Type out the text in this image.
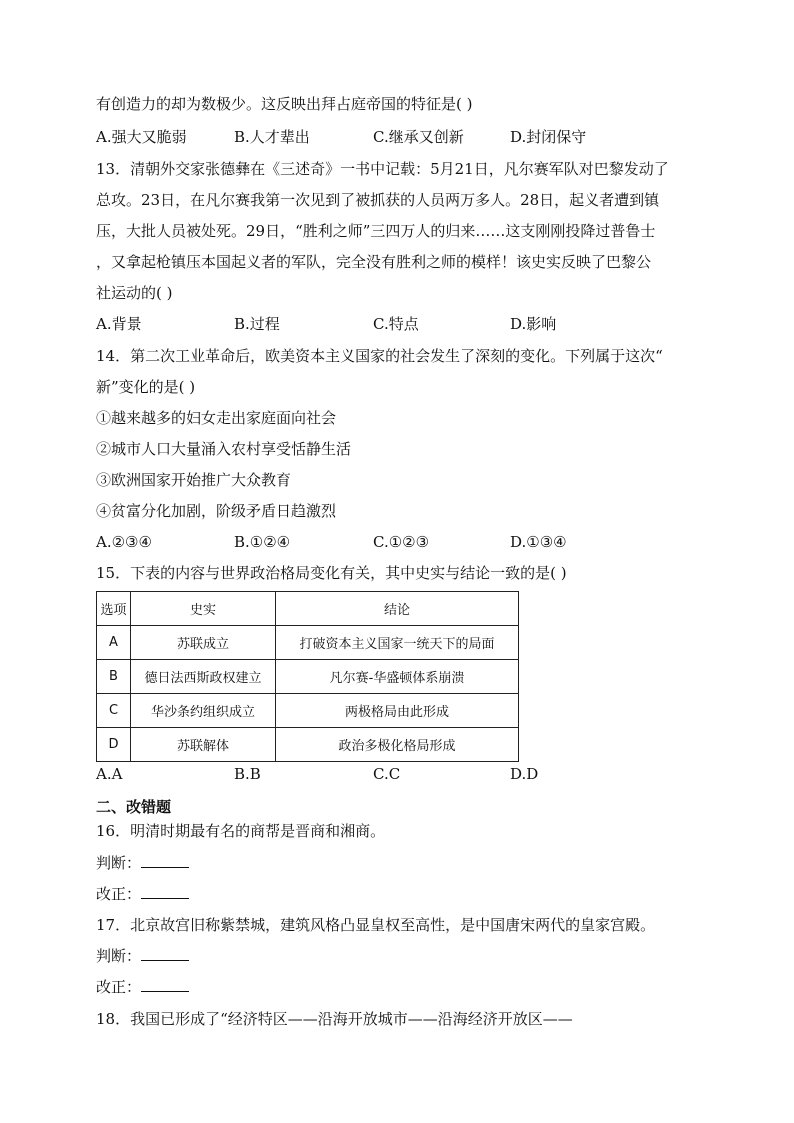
有创造力的却为数极少。这反映出拜占庭帝国的特征是( )
A.强大又脆弱	B.人才辈出	C.继承又创新	D.封闭保守
13．清朝外交家张德彝在《三述奇》一书中记载：5月21日，凡尔赛军队对巴黎发动了
总攻。23日，在凡尔赛我第一次见到了被抓获的人员两万多人。28日，起义者遭到镇
压，大批人员被处死。29日，“胜利之师”三四万人的归来……这支刚刚投降过普鲁士
，又拿起枪镇压本国起义者的军队，完全没有胜利之师的模样！该史实反映了巴黎公
社运动的( )
A.背景	B.过程	C.特点	D.影响
14．第二次工业革命后，欧美资本主义国家的社会发生了深刻的变化。下列属于这次“
新”变化的是( )
①越来越多的妇女走出家庭面向社会
②城市人口大量涌入农村享受恬静生活
③欧洲国家开始推广大众教育
④贫富分化加剧，阶级矛盾日趋激烈
A.②③④	B.①②④	C.①②③	D.①③④
15．下表的内容与世界政治格局变化有关，其中史实与结论一致的是( )
选项	史实	结论
A	苏联成立	打破资本主义国家一统天下的局面
B	德日法西斯政权建立	凡尔赛-华盛顿体系崩溃
C	华沙条约组织成立	两极格局由此形成
D	苏联解体	政治多极化格局形成
A.A	B.B	C.C	D.D
二、改错题
16．明清时期最有名的商帮是晋商和湘商。
判断：
改正：
17．北京故宫旧称紫禁城，建筑风格凸显皇权至高性，是中国唐宋两代的皇家宫殿。
判断：
改正：
18．我国已形成了“经济特区——沿海开放城市——沿海经济开放区——
